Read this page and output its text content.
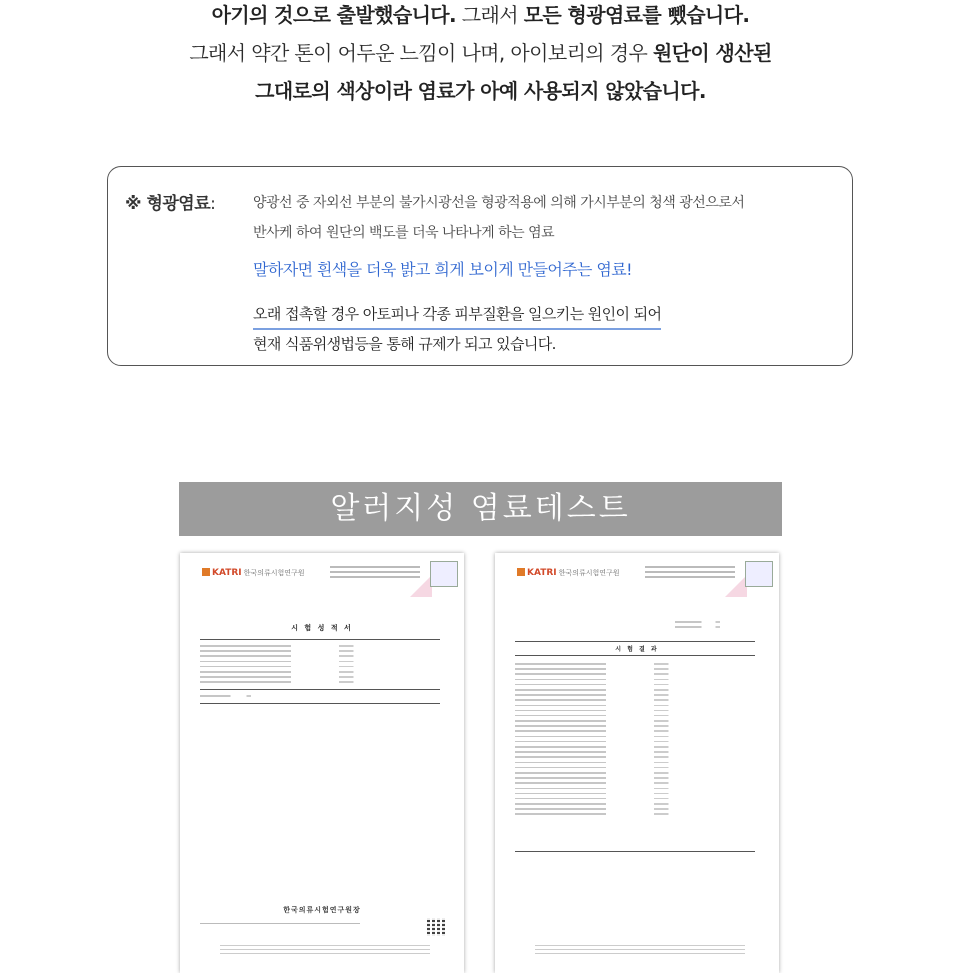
아기의 것으로 출발했습니다. 그래서 모든 형광염료를 뺐습니다.
그래서 약간 톤이 어두운 느낌이 나며, 아이보리의 경우 원단이 생산된
그대로의 색상이라 염료가 아예 사용되지 않았습니다.
※ 형광염료:	양광선 중 자외선 부분의 불가시광선을 형광적용에 의해 가시부분의 청색 광선으로서
반사케 하여 원단의 백도를 더욱 나타나게 하는 염료
말하자면 흰색을 더욱 밝고 희게 보이게 만들어주는 염료!
오래 접촉할 경우 아토피나 각종 피부질환을 일으키는 원인이 되어
현재 식품위생법등을 통해 규제가 되고 있습니다.
알러지성 염료테스트
KATRI 한국의류시험연구원
시 험 성 적 서
한국의류시험연구원장
KATRI 한국의류시험연구원
시 험 결 과
